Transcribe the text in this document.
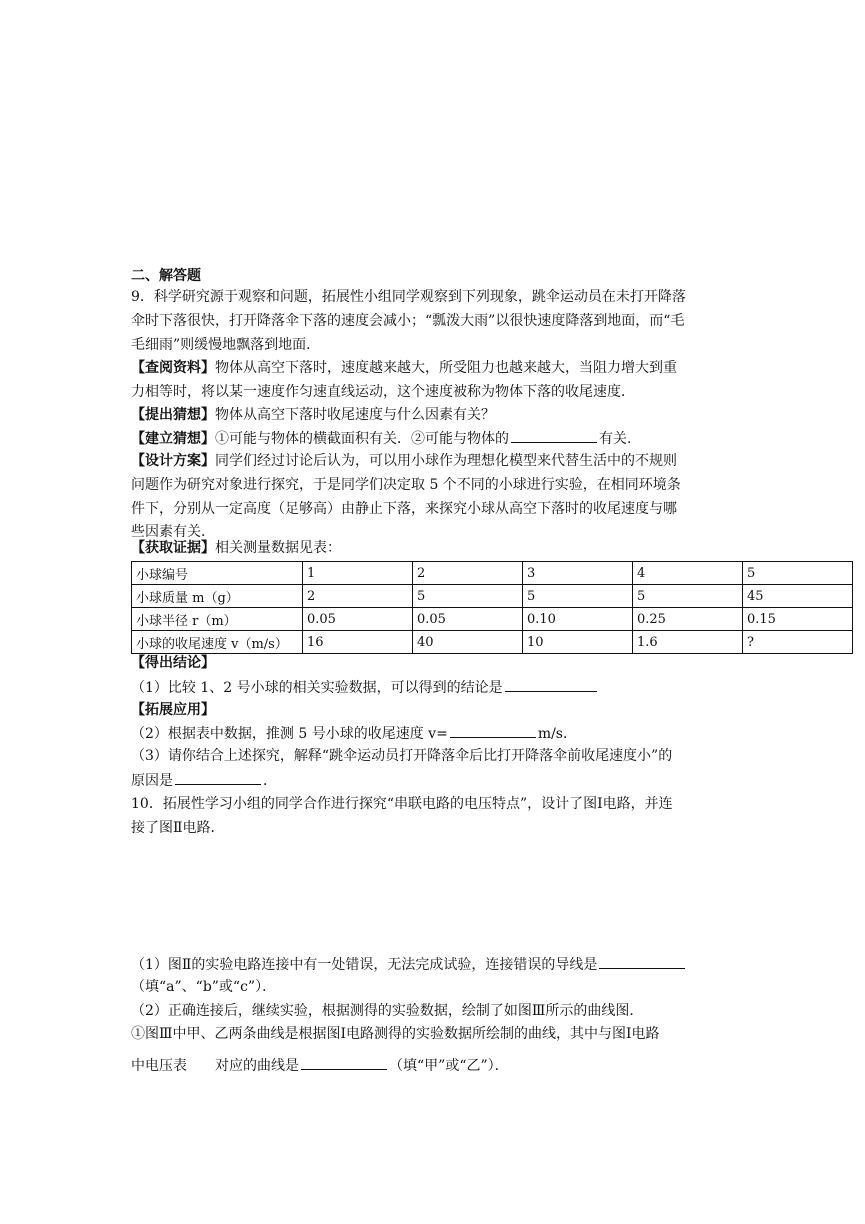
二、解答题
9．科学研究源于观察和问题，拓展性小组同学观察到下列现象，跳伞运动员在未打开降落
伞时下落很快，打开降落伞下落的速度会减小；“瓢泼大雨”以很快速度降落到地面，而“毛
毛细雨”则缓慢地飘落到地面．
【查阅资料】物体从高空下落时，速度越来越大，所受阻力也越来越大，当阻力增大到重
力相等时，将以某一速度作匀速直线运动，这个速度被称为物体下落的收尾速度．
【提出猜想】物体从高空下落时收尾速度与什么因素有关？
【建立猜想】①可能与物体的横截面积有关．②可能与物体的	有关．
【设计方案】同学们经过讨论后认为，可以用小球作为理想化模型来代替生活中的不规则
问题作为研究对象进行探究，于是同学们决定取 5 个不同的小球进行实验，在相同环境条
件下，分别从一定高度（足够高）由静止下落，来探究小球从高空下落时的收尾速度与哪
些因素有关．
【获取证据】相关测量数据见表：
小球编号	1	2	3	4	5
小球质量 m（g）	2	5	5	5	45
小球半径 r（m）	0.05	0.05	0.10	0.25	0.15
小球的收尾速度 v（m/s）	16	40	10	1.6	?
【得出结论】
（1）比较 1、2 号小球的相关实验数据，可以得到的结论是
【拓展应用】
（2）根据表中数据，推测 5 号小球的收尾速度 v=	m/s．
（3）请你结合上述探究，解释“跳伞运动员打开降落伞后比打开降落伞前收尾速度小”的
原因是	．
10．拓展性学习小组的同学合作进行探究“串联电路的电压特点”，设计了图Ⅰ电路，并连
接了图Ⅱ电路．
（1）图Ⅱ的实验电路连接中有一处错误，无法完成试验，连接错误的导线是
（填“a”、“b”或“c”）．
（2）正确连接后，继续实验，根据测得的实验数据，绘制了如图Ⅲ所示的曲线图．
①图Ⅲ中甲、乙两条曲线是根据图Ⅰ电路测得的实验数据所绘制的曲线，其中与图Ⅰ电路
中电压表 对应的曲线是	（填“甲”或“乙”）．
